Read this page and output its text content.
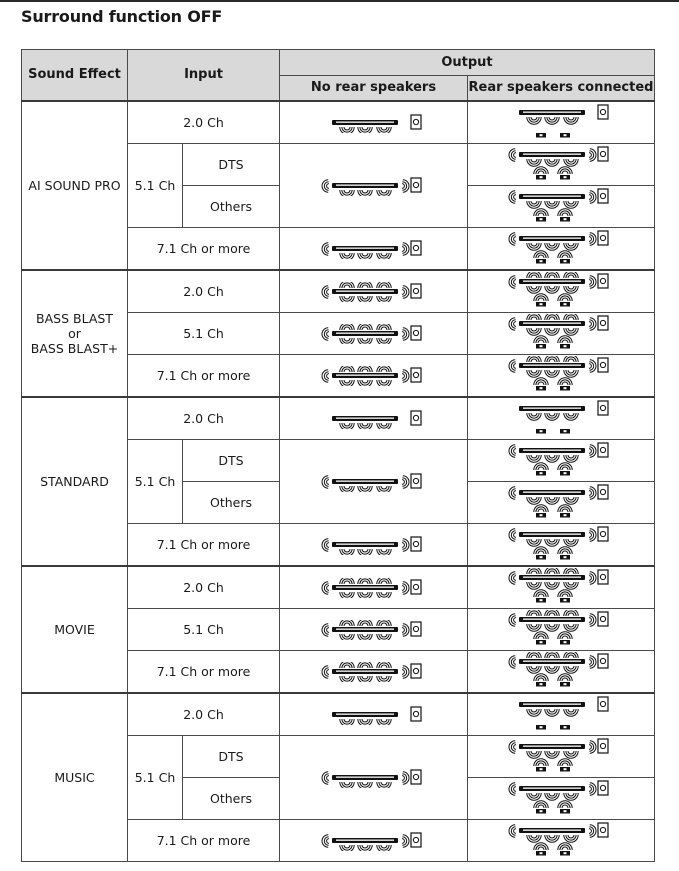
Surround function OFF
Sound Effect	Input		Output	
			No rear speakers	Rear speakers connected

AI SOUND PRO	2.0 Ch	

	5.1 Ch	DTS	

		Others	

	7.1 Ch or more	

BASS BLAST
or
BASS BLAST+	2.0 Ch	

	5.1 Ch	

	7.1 Ch or more	

STANDARD	2.0 Ch	

	5.1 Ch	DTS	

		Others	

	7.1 Ch or more	

MOVIE	2.0 Ch	

	5.1 Ch	

	7.1 Ch or more	

MUSIC	2.0 Ch	

	5.1 Ch	DTS	

		Others	

	7.1 Ch or more	
